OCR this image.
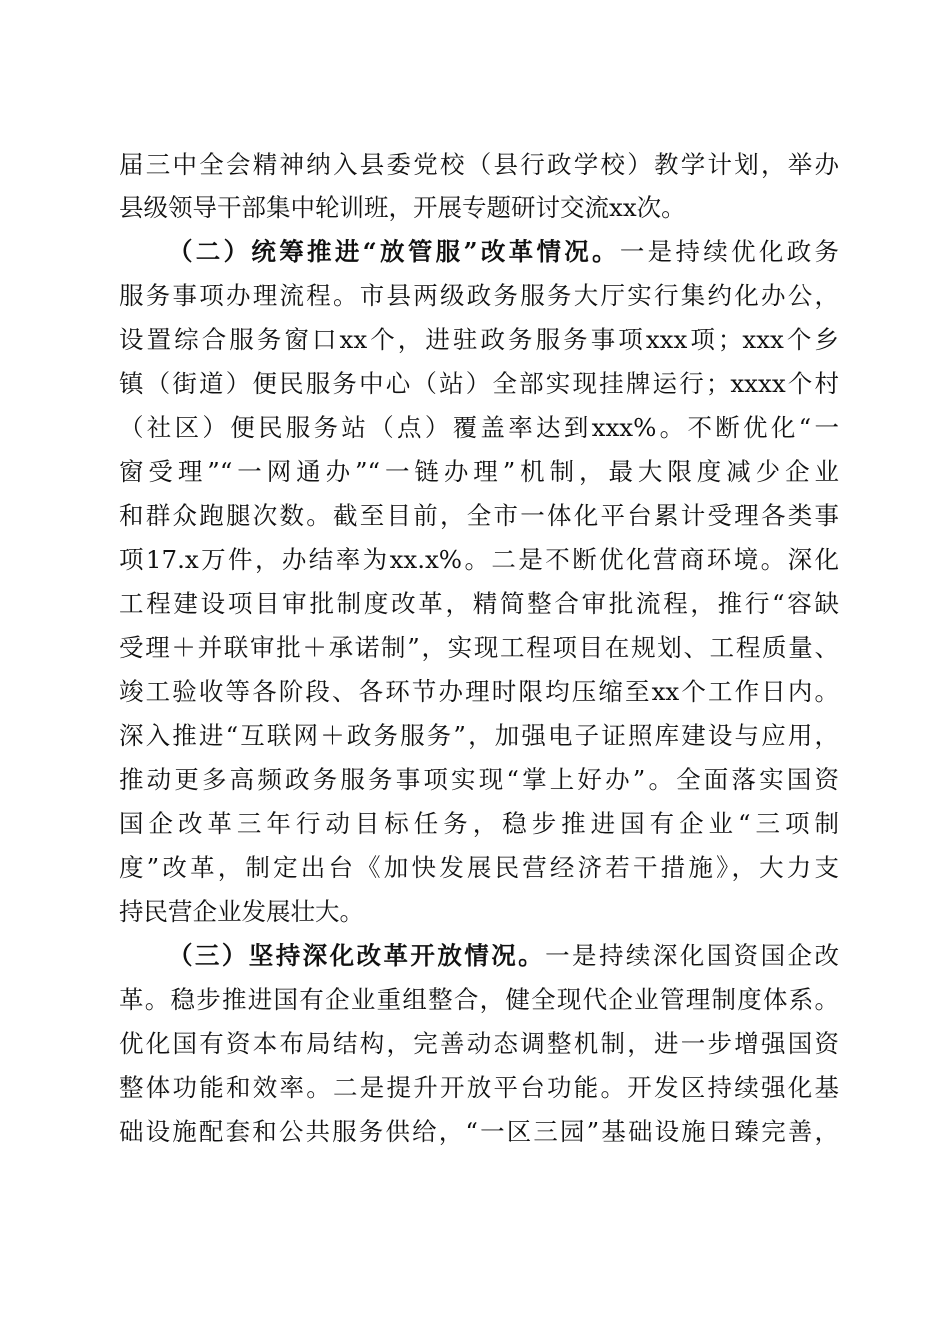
届三中全会精神纳入县委党校（县行政学校）教学计划，举办
县级领导干部集中轮训班，开展专题研讨交流xx次。
（二）统筹推进“放管服”改革情况。一是持续优化政务
服务事项办理流程。市县两级政务服务大厅实行集约化办公，
设置综合服务窗口xx个，进驻政务服务事项xxx项；xxx个乡
镇（街道）便民服务中心（站）全部实现挂牌运行；xxxx个村
（社区）便民服务站（点）覆盖率达到xxx%。不断优化“一
窗受理”“一网通办”“一链办理”机制，最大限度减少企业
和群众跑腿次数。截至目前，全市一体化平台累计受理各类事
项17.x万件，办结率为xx.x%。二是不断优化营商环境。深化
工程建设项目审批制度改革，精简整合审批流程，推行“容缺
受理＋并联审批＋承诺制”，实现工程项目在规划、工程质量、
竣工验收等各阶段、各环节办理时限均压缩至xx个工作日内。
深入推进“互联网＋政务服务”，加强电子证照库建设与应用，
推动更多高频政务服务事项实现“掌上好办”。全面落实国资
国企改革三年行动目标任务，稳步推进国有企业“三项制
度”改革，制定出台《加快发展民营经济若干措施》，大力支
持民营企业发展壮大。
（三）坚持深化改革开放情况。一是持续深化国资国企改
革。稳步推进国有企业重组整合，健全现代企业管理制度体系。
优化国有资本布局结构，完善动态调整机制，进一步增强国资
整体功能和效率。二是提升开放平台功能。开发区持续强化基
础设施配套和公共服务供给，“一区三园”基础设施日臻完善，
